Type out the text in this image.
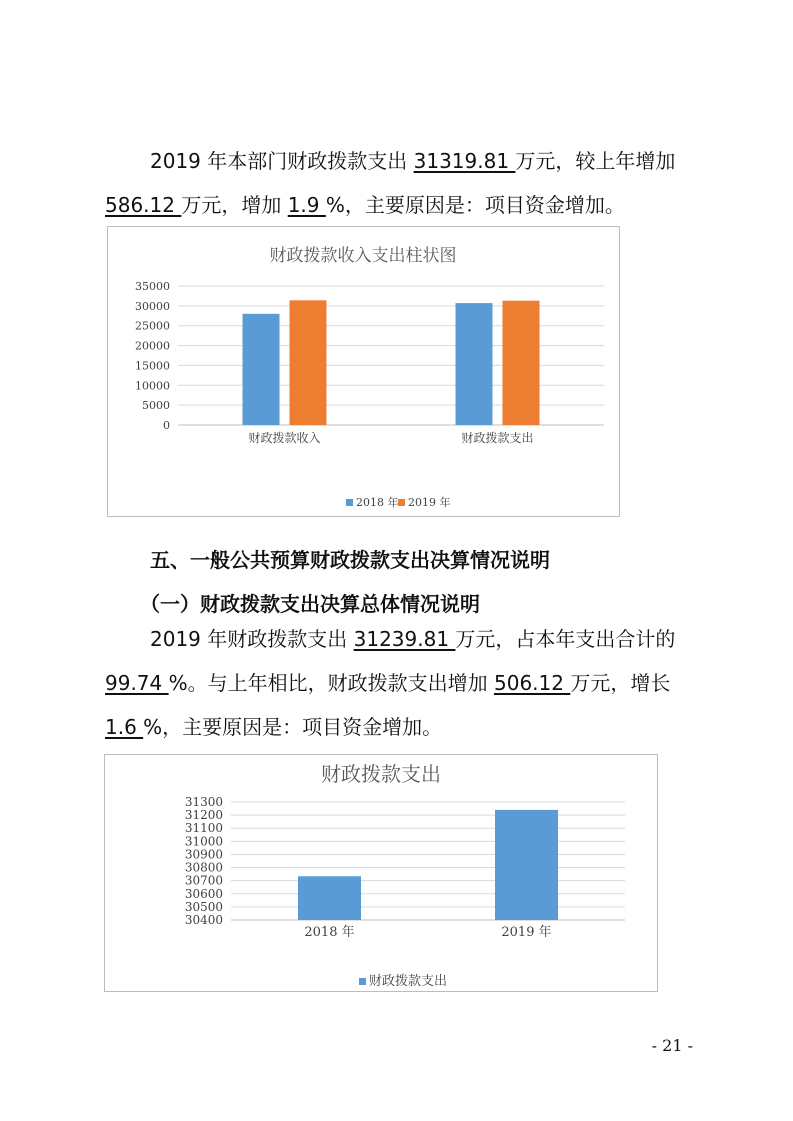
2019 年本部门财政拨款支出 31319.81 万元，较上年增加
586.12 万元，增加 1.9 %，主要原因是：项目资金增加。
财政拨款收入支出柱状图
35000
30000
25000
20000
15000
10000
5000
0
财政拨款收入	财政拨款支出
2018 年 2019 年
五、一般公共预算财政拨款支出决算情况说明
（一）财政拨款支出决算总体情况说明
2019 年财政拨款支出 31239.81 万元，占本年支出合计的
99.74 %。与上年相比，财政拨款支出增加 506.12 万元，增长
1.6 %，主要原因是：项目资金增加。
财政拨款支出
31300
31200
31100
31000
30900
30800
30700
30600
30500
30400
2018 年	2019 年
财政拨款支出
- 21 -
